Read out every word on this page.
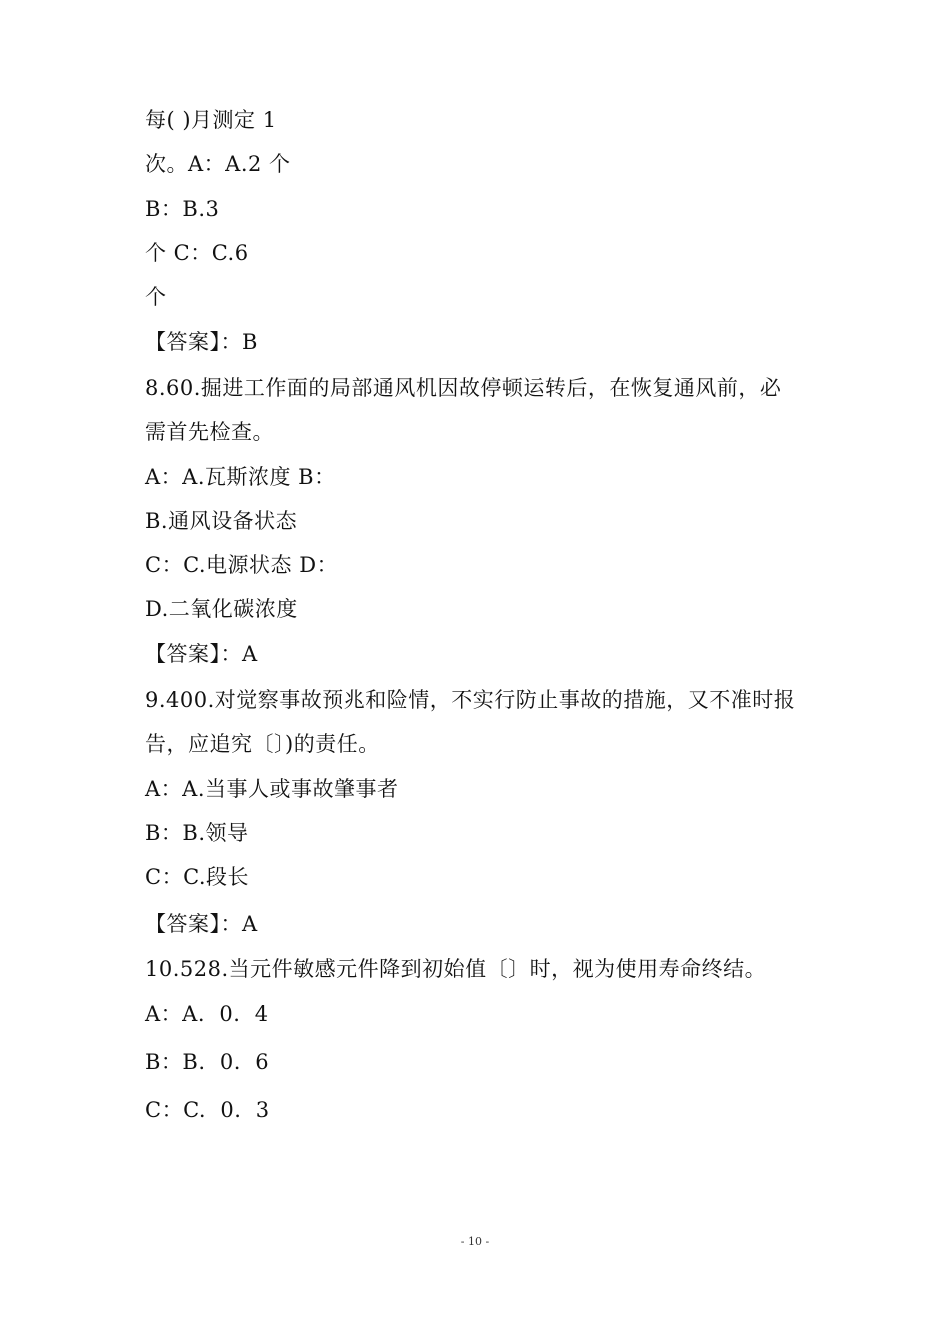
每( )月测定 1
次。A：A.2 个
B：B.3
个 C：C.6
个
【答案】：B
8.60.掘进工作面的局部通风机因故停顿运转后，在恢复通风前，必
需首先检查。
A：A.瓦斯浓度 B：
B.通风设备状态
C：C.电源状态 D：
D.二氧化碳浓度
【答案】：A
9.400.对觉察事故预兆和险情，不实行防止事故的措施，又不准时报
告，应追究〔〕)的责任。
A：A.当事人或事故肇事者
B：B.领导
C：C.段长
【答案】：A
10.528.当元件敏感元件降到初始值〔〕时，视为使用寿命终结。
A：A.  0.  4
B：B.  0.  6
C：C.  0.  3
- 10 -
